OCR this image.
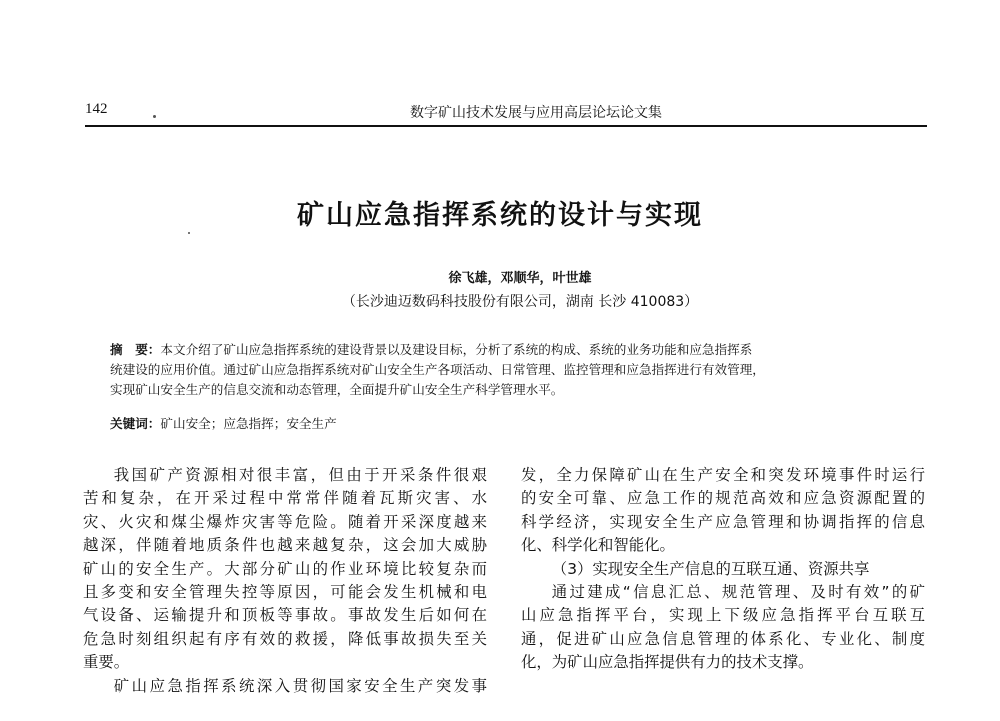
142	数字矿山技术发展与应用高层论坛论文集
矿山应急指挥系统的设计与实现
徐飞雄，邓顺华，叶世雄
（长沙迪迈数码科技股份有限公司，湖南 长沙 410083）
摘　要：本文介绍了矿山应急指挥系统的建设背景以及建设目标，分析了系统的构成、系统的业务功能和应急指挥系
统建设的应用价值。通过矿山应急指挥系统对矿山安全生产各项活动、日常管理、监控管理和应急指挥进行有效管理，
实现矿山安全生产的信息交流和动态管理，全面提升矿山安全生产科学管理水平。
关键词：矿山安全；应急指挥；安全生产

我国矿产资源相对很丰富，但由于开采条件很艰

苦和复杂，在开采过程中常常伴随着瓦斯灾害、水

灾、火灾和煤尘爆炸灾害等危险。随着开采深度越来

越深，伴随着地质条件也越来越复杂，这会加大威胁

矿山的安全生产。大部分矿山的作业环境比较复杂而

且多变和安全管理失控等原因，可能会发生机械和电

气设备、运输提升和顶板等事故。事故发生后如何在

危急时刻组织起有序有效的救援，降低事故损失至关

重要。

矿山应急指挥系统深入贯彻国家安全生产突发事

发，全力保障矿山在生产安全和突发环境事件时运行

的安全可靠、应急工作的规范高效和应急资源配置的

科学经济，实现安全生产应急管理和协调指挥的信息

化、科学化和智能化。

（3）实现安全生产信息的互联互通、资源共享

通过建成“信息汇总、规范管理、及时有效”的矿

山应急指挥平台，实现上下级应急指挥平台互联互

通，促进矿山应急信息管理的体系化、专业化、制度

化，为矿山应急指挥提供有力的技术支撑。
